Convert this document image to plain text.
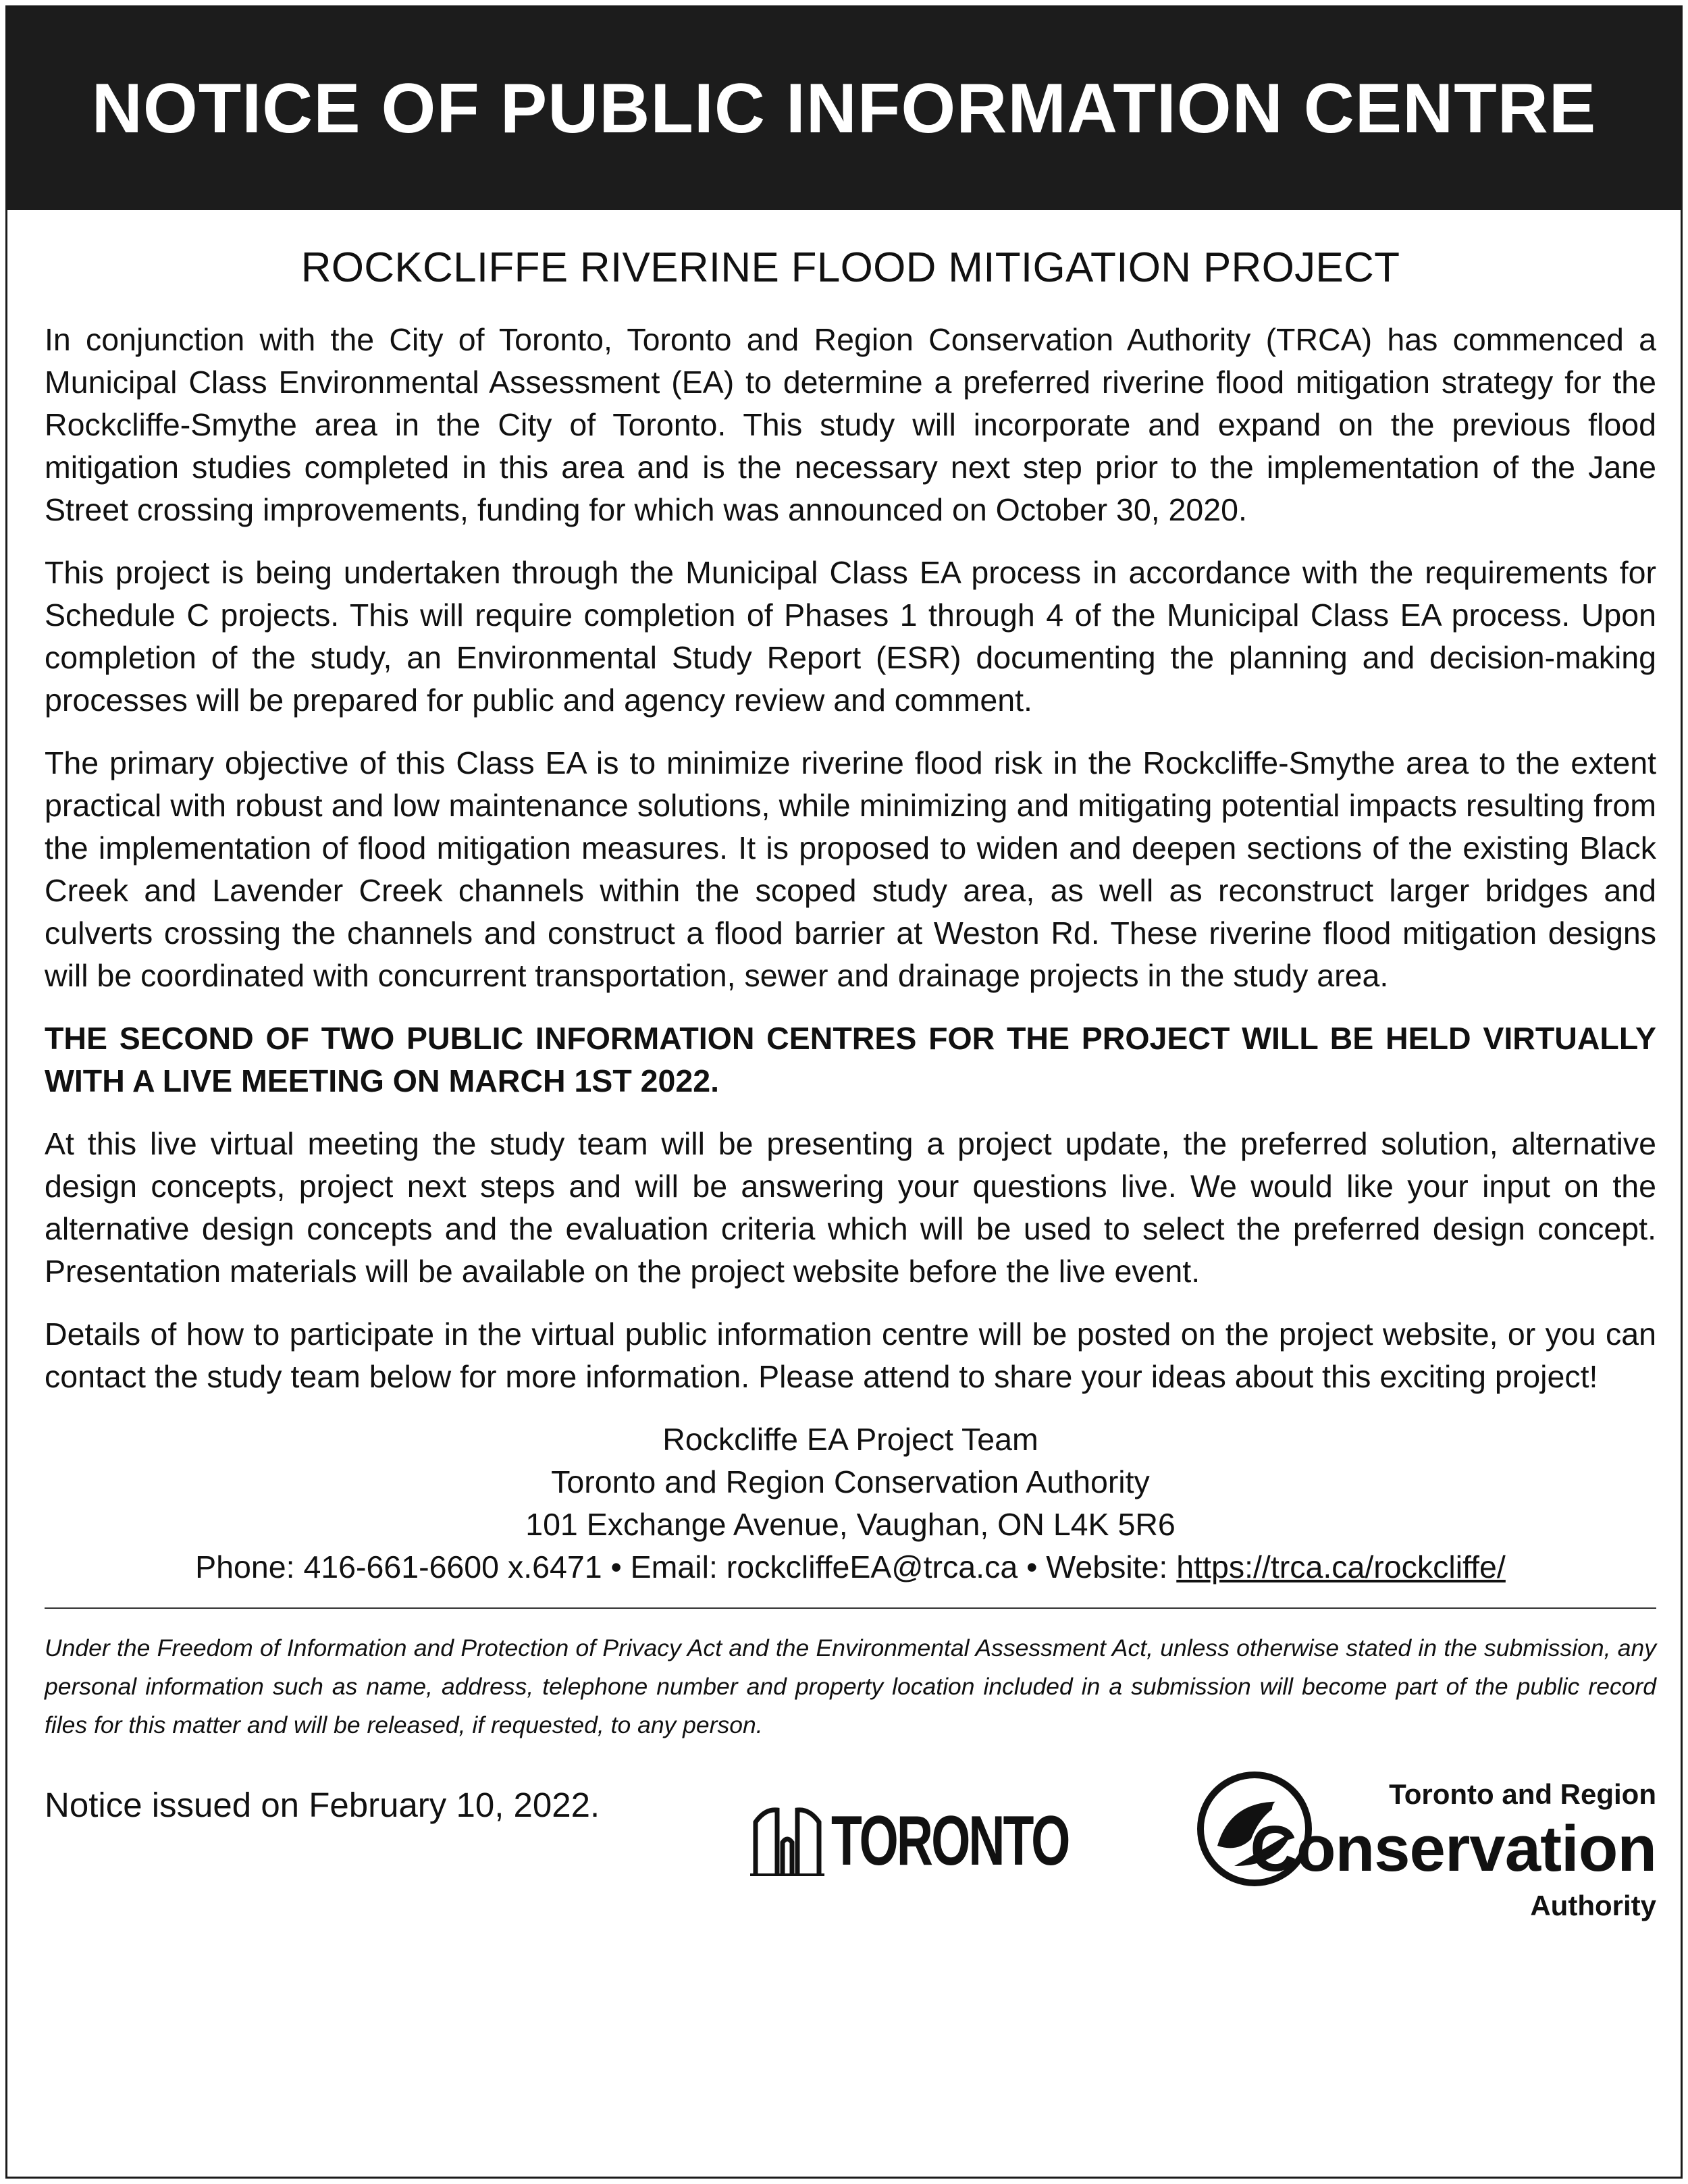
NOTICE OF PUBLIC INFORMATION CENTRE
ROCKCLIFFE RIVERINE FLOOD MITIGATION PROJECT

In conjunction with the City of Toronto, Toronto and Region Conservation Authority (TRCA) has commenced a Municipal Class Environmental Assessment (EA) to determine a preferred riverine flood mitigation strategy for the Rockcliffe-Smythe area in the City of Toronto. This study will incorporate and expand on the previous flood mitigation studies completed in this area and is the necessary next step prior to the implementation of the Jane Street crossing improvements, funding for which was announced on October 30, 2020.

This project is being undertaken through the Municipal Class EA process in accordance with the requirements for Schedule C projects. This will require completion of Phases 1 through 4 of the Municipal Class EA process. Upon completion of the study, an Environmental Study Report (ESR) documenting the planning and decision-making processes will be prepared for public and agency review and comment.

The primary objective of this Class EA is to minimize riverine flood risk in the Rockcliffe-Smythe area to the extent practical with robust and low maintenance solutions, while minimizing and mitigating potential impacts resulting from the implementation of flood mitigation measures. It is proposed to widen and deepen sections of the existing Black Creek and Lavender Creek channels within the scoped study area, as well as reconstruct larger bridges and culverts crossing the channels and construct a flood barrier at Weston Rd. These riverine flood mitigation designs will be coordinated with concurrent transportation, sewer and drainage projects in the study area.

THE SECOND OF TWO PUBLIC INFORMATION CENTRES FOR THE PROJECT WILL BE HELD VIRTUALLY WITH A LIVE MEETING ON MARCH 1ST 2022.

At this live virtual meeting the study team will be presenting a project update, the preferred solution, alternative design concepts, project next steps and will be answering your questions live. We would like your input on the alternative design concepts and the evaluation criteria which will be used to select the preferred design concept. Presentation materials will be available on the project website before the live event.

Details of how to participate in the virtual public information centre will be posted on the project website, or you can contact the study team below for more information. Please attend to share your ideas about this exciting project!

Rockcliffe EA Project Team
Toronto and Region Conservation Authority
101 Exchange Avenue, Vaughan, ON L4K 5R6
Phone: 416-661-6600 x.6471 • Email: rockcliffeEA@trca.ca • Website: https://trca.ca/rockcliffe/
Under the Freedom of Information and Protection of Privacy Act and the Environmental Assessment Act, unless otherwise stated in the submission, any personal information such as name, address, telephone number and property location included in a submission will become part of the public record files for this matter and will be released, if requested, to any person.
Notice issued on February 10, 2022.	TORONTO
Toronto and Region
Conservation
Authority
